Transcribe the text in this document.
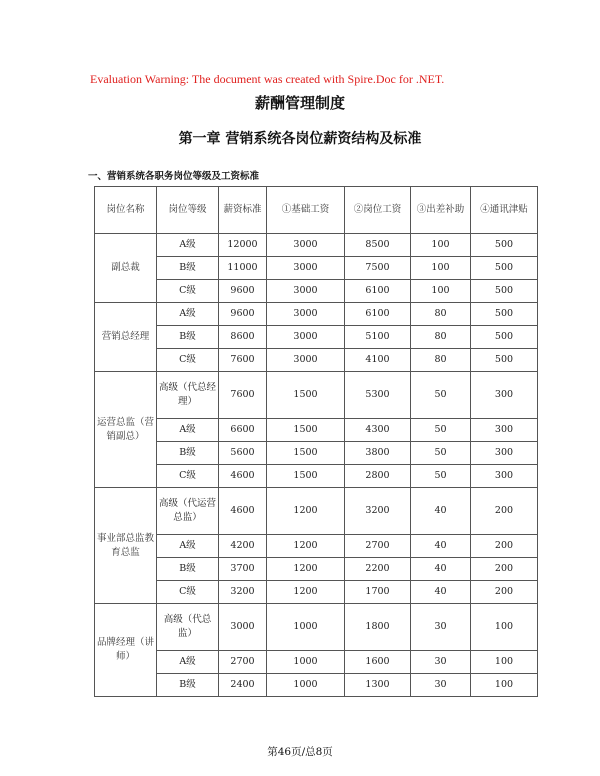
Evaluation Warning: The document was created with Spire.Doc for .NET.
薪酬管理制度
第一章 营销系统各岗位薪资结构及标准
一、营销系统各职务岗位等级及工资标准
岗位名称	岗位等级	薪资标准	①基础工资	②岗位工资	③出差补助	④通讯津贴
副总裁	A级	12000	3000	8500	100	500
	B级	11000	3000	7500	100	500
	C级	9600	3000	6100	100	500
营销总经理	A级	9600	3000	6100	80	500
	B级	8600	3000	5100	80	500
	C级	7600	3000	4100	80	500
运营总监（营销副总）	高级（代总经理）	7600	1500	5300	50	300
	A级	6600	1500	4300	50	300
	B级	5600	1500	3800	50	300
	C级	4600	1500	2800	50	300
事业部总监教育总监	高级（代运营总监）	4600	1200	3200	40	200
	A级	4200	1200	2700	40	200
	B级	3700	1200	2200	40	200
	C级	3200	1200	1700	40	200
品牌经理（讲师）	高级（代总监）	3000	1000	1800	30	100
	A级	2700	1000	1600	30	100
	B级	2400	1000	1300	30	100
第46页/总8页
